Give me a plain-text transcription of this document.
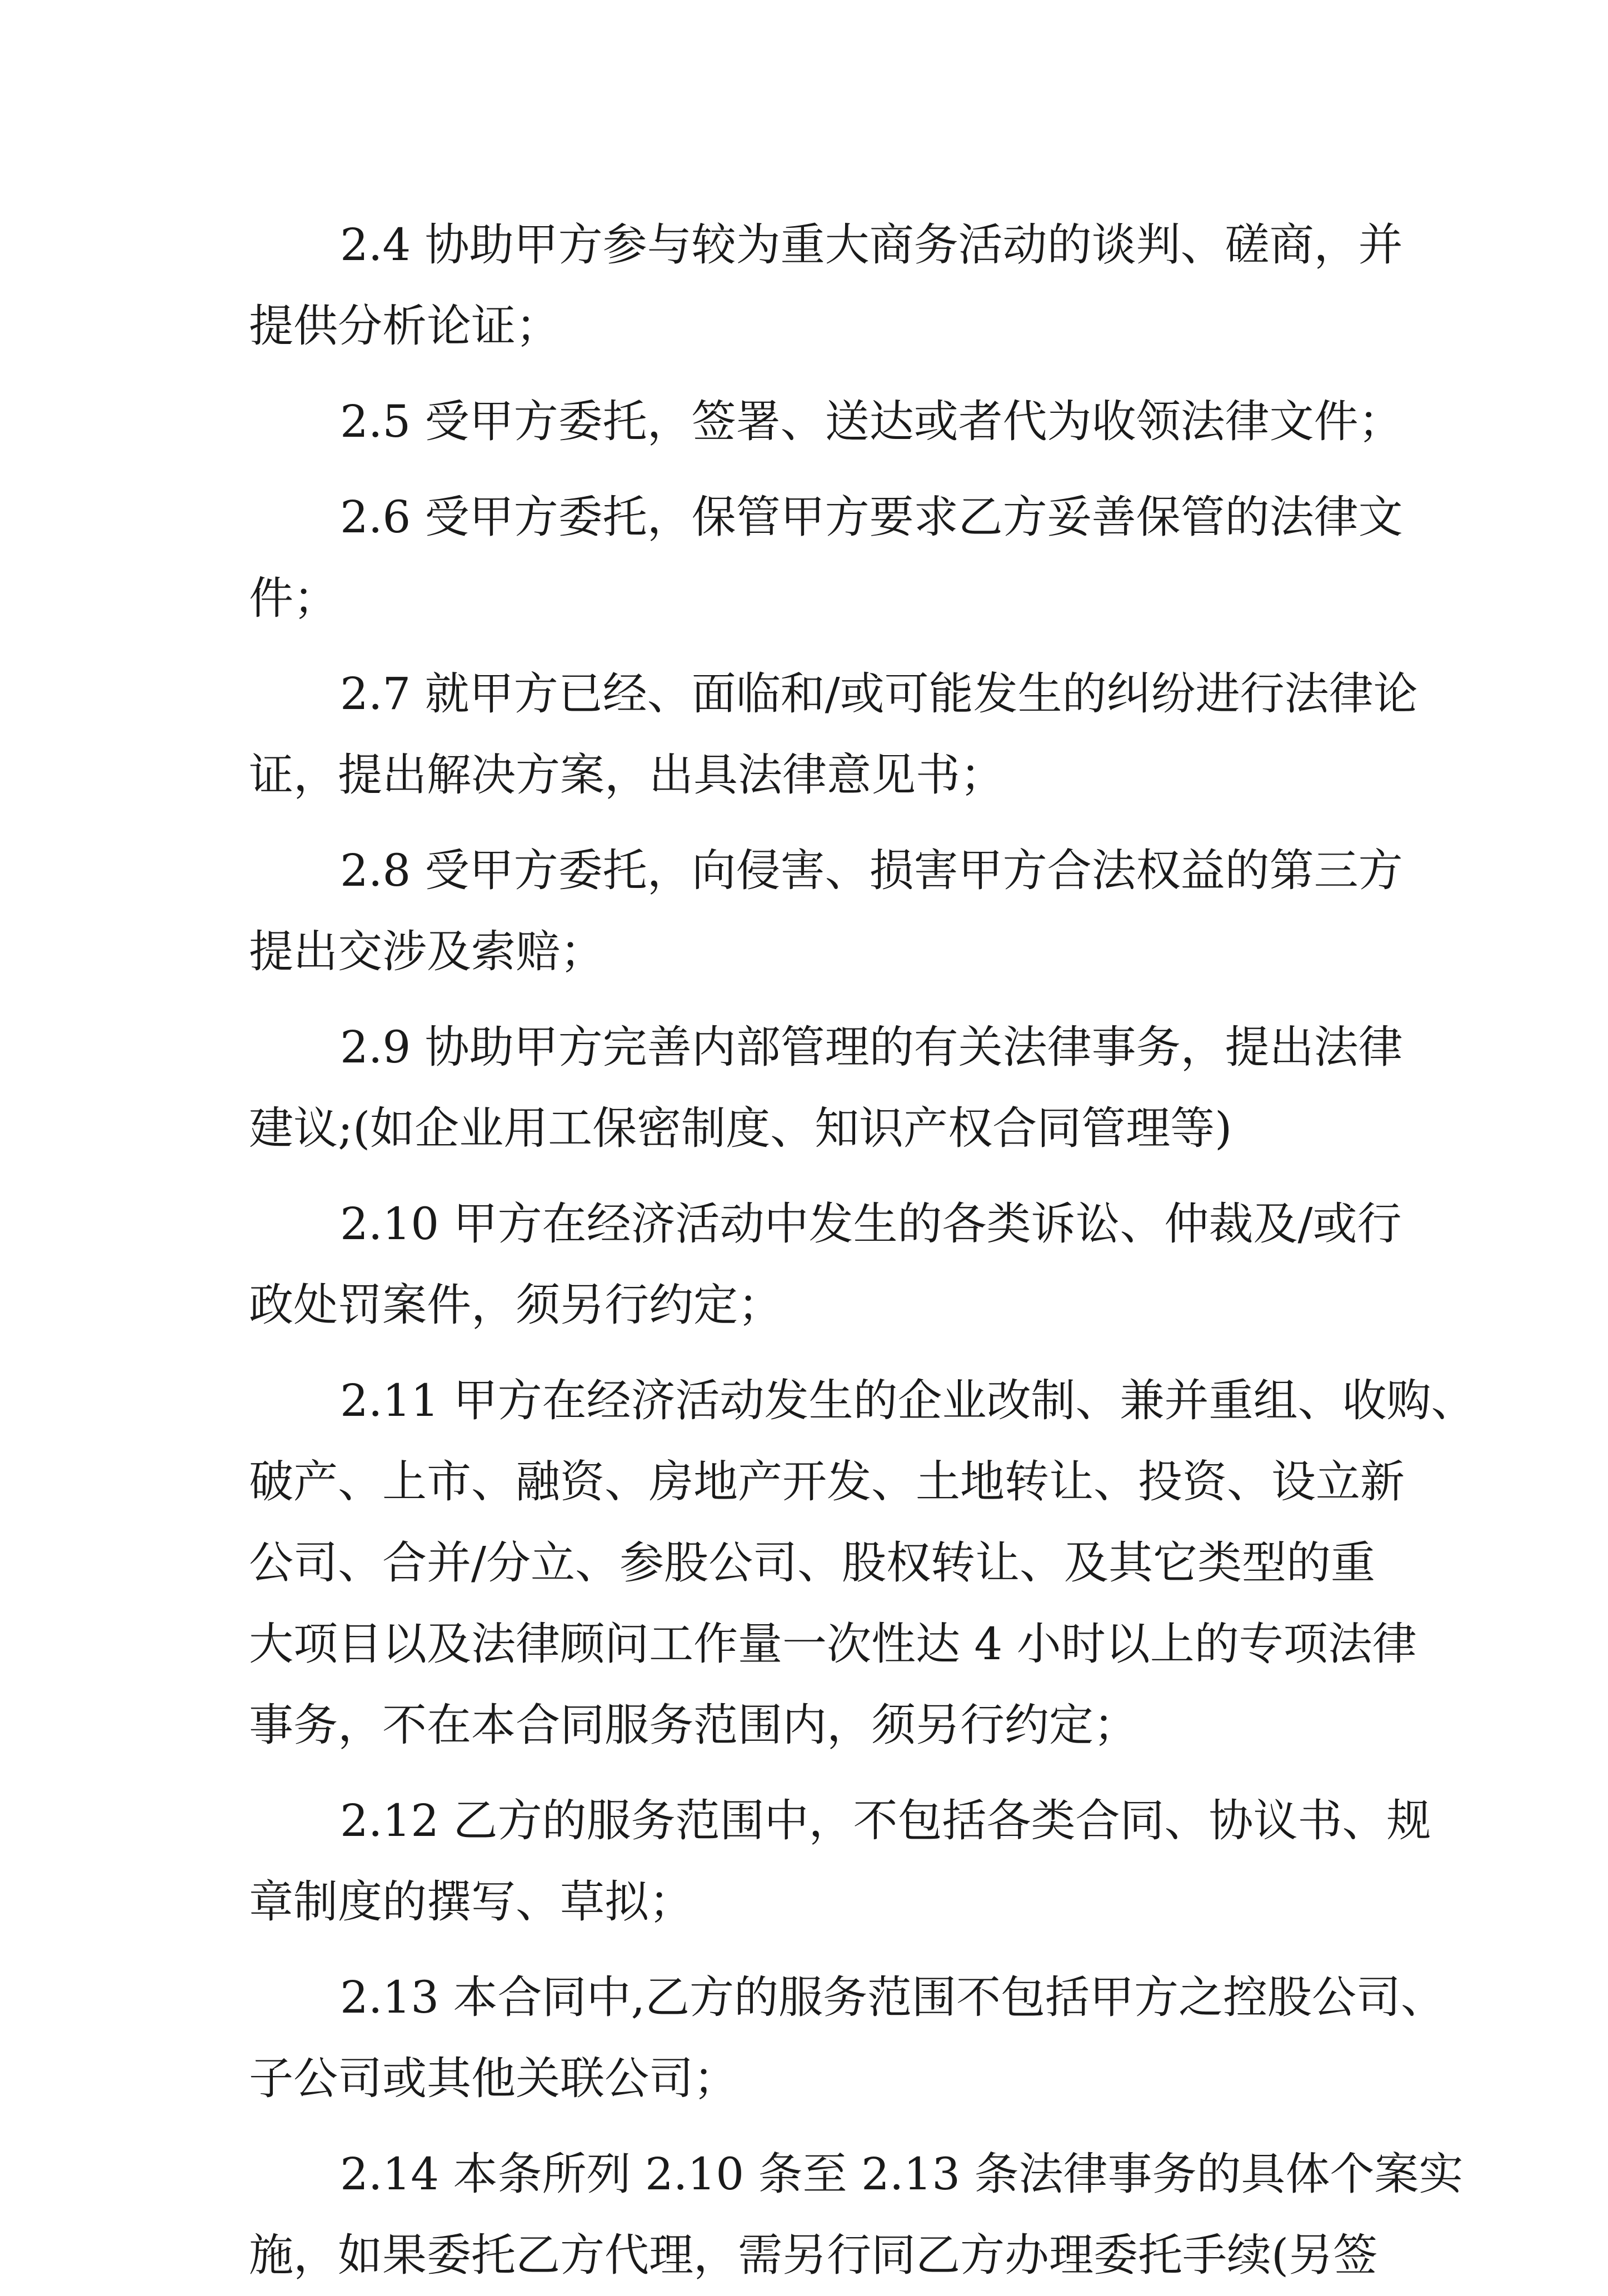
2.4 协助甲方参与较为重大商务活动的谈判、磋商，并
提供分析论证；
2.5 受甲方委托，签署、送达或者代为收领法律文件；
2.6 受甲方委托，保管甲方要求乙方妥善保管的法律文
件；
2.7 就甲方已经、面临和/或可能发生的纠纷进行法律论
证，提出解决方案，出具法律意见书；
2.8 受甲方委托，向侵害、损害甲方合法权益的第三方
提出交涉及索赔；
2.9 协助甲方完善内部管理的有关法律事务，提出法律
建议;(如企业用工保密制度、知识产权合同管理等)
2.10 甲方在经济活动中发生的各类诉讼、仲裁及/或行
政处罚案件，须另行约定；
2.11 甲方在经济活动发生的企业改制、兼并重组、收购、
破产、上市、融资、房地产开发、土地转让、投资、设立新
公司、合并/分立、参股公司、股权转让、及其它类型的重
大项目以及法律顾问工作量一次性达 4 小时以上的专项法律
事务，不在本合同服务范围内，须另行约定；
2.12 乙方的服务范围中，不包括各类合同、协议书、规
章制度的撰写、草拟；
2.13 本合同中,乙方的服务范围不包括甲方之控股公司、
子公司或其他关联公司；
2.14 本条所列 2.10 条至 2.13 条法律事务的具体个案实
施，如果委托乙方代理，需另行同乙方办理委托手续(另签
